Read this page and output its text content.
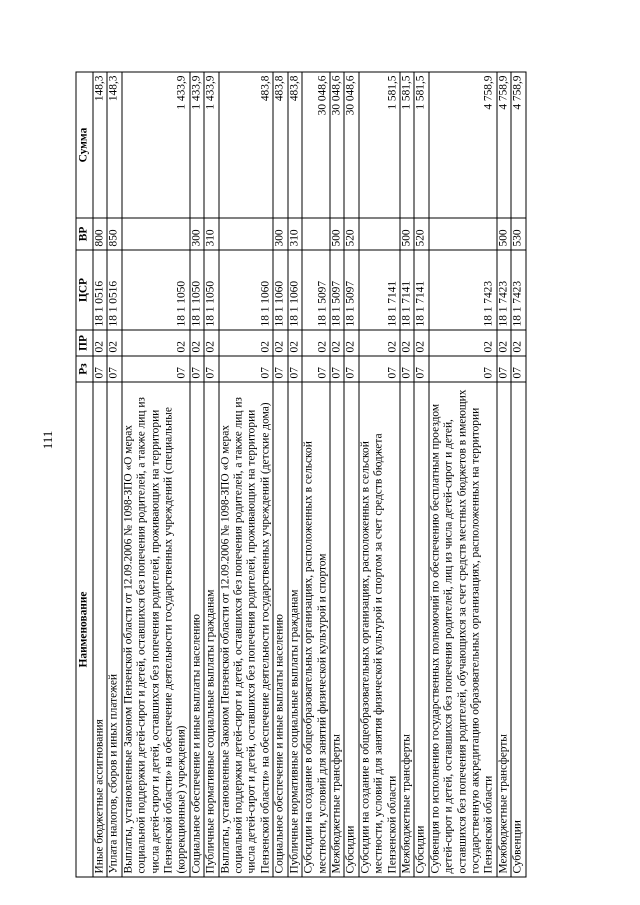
111
Наименование	Рз	ПР	ЦСР	ВР	Сумма
Иные бюджетные ассигнования	07	02	18 1 0516	800	148,3
Уплата налогов, сборов и иных платежей	07	02	18 1 0516	850	148,3
Выплаты, установленные Законом Пензенской области от 12.09.2006 № 1098-ЗПО «О мерах социальной поддержки детей-сирот и детей, оставшихся без попечения родителей, а также лиц из числа детей-сирот и детей, оставшихся без попечения родителей, проживающих на территории Пензенской области» на обеспечение деятельности государственных учреждений (специальные (коррекционные) учреждения)	07	02	18 1 1050		1 433,9
Социальное обеспечение и иные выплаты населению	07	02	18 1 1050	300	1 433,9
Публичные нормативные социальные выплаты гражданам	07	02	18 1 1050	310	1 433,9
Выплаты, установленные Законом Пензенской области от 12.09.2006 № 1098-ЗПО «О мерах социальной поддержки детей-сирот и детей, оставшихся без попечения родителей, а также лиц из числа детей-сирот и детей, оставшихся без попечения родителей, проживающих на территории Пензенской области» на обеспечение деятельности государственных учреждений (детские дома)	07	02	18 1 1060		483,8
Социальное обеспечение и иные выплаты населению	07	02	18 1 1060	300	483,8
Публичные нормативные социальные выплаты гражданам	07	02	18 1 1060	310	483,8
Субсидии на создание в общеобразовательных организациях, расположенных в сельской местности, условий для занятий физической культурой и спортом	07	02	18 1 5097		30 048,6
Межбюджетные трансферты	07	02	18 1 5097	500	30 048,6
Субсидии	07	02	18 1 5097	520	30 048,6
Субсидии на создание в общеобразовательных организациях, расположенных в сельской местности, условий для занятия физической культурой и спортом за счет средств бюджета Пензенской области	07	02	18 1 7141		1 581,5
Межбюджетные трансферты	07	02	18 1 7141	500	1 581,5
Субсидии	07	02	18 1 7141	520	1 581,5
Субвенция по исполнению государственных полномочий по обеспечению бесплатным проездом детей-сирот и детей, оставшихся без попечения родителей, лиц из числа детей-сирот и детей, оставшихся без попечения родителей, обучающихся за счет средств местных бюджетов в имеющих государственную аккредитацию образовательных организациях, расположенных на территории Пензенской области	07	02	18 1 7423		4 758,9
Межбюджетные трансферты	07	02	18 1 7423	500	4 758,9
Субвенции	07	02	18 1 7423	530	4 758,9
